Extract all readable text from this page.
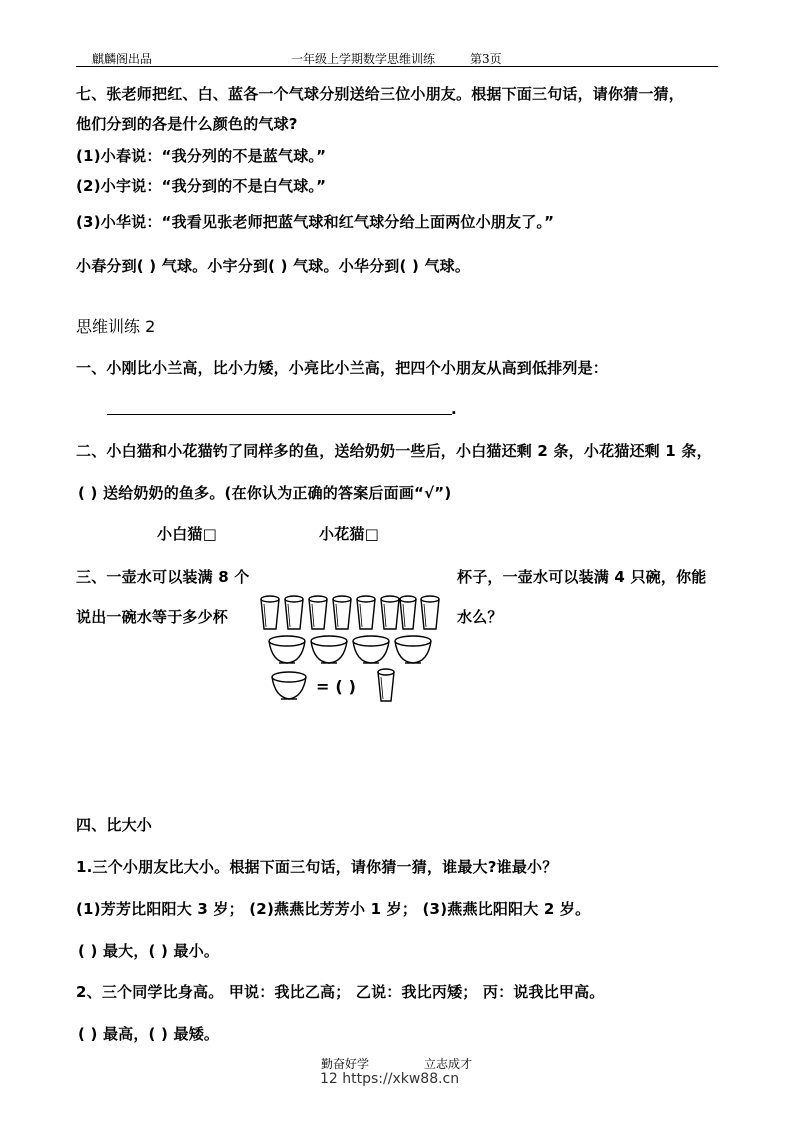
麒麟阁出品	一年级上学期数学思维训练	第3页
七、张老师把红、白、蓝各一个气球分别送给三位小朋友。根据下面三句话，请你猜一猜，
他们分到的各是什么颜色的气球?
(1)小春说：“我分列的不是蓝气球。”
(2)小宇说：“我分到的不是白气球。”
(3)小华说：“我看见张老师把蓝气球和红气球分给上面两位小朋友了。”
小春分到( ) 气球。小宇分到( ) 气球。小华分到( ) 气球。
思维训练 2
一、小刚比小兰高，比小力矮，小亮比小兰高，把四个小朋友从高到低排列是：
.
二、小白猫和小花猫钓了同样多的鱼，送给奶奶一些后，小白猫还剩 2 条，小花猫还剩 1 条，
( ) 送给奶奶的鱼多。(在你认为正确的答案后面画“√”)
小白猫□	小花猫□
三、一壶水可以装满 8 个
说出一碗水等于多少杯
杯子，一壶水可以装满 4 只碗，你能
水么？
= ( )
四、比大小
1.三个小朋友比大小。根据下面三句话，请你猜一猜，谁最大?谁最小？
(1)芳芳比阳阳大 3 岁； (2)燕燕比芳芳小 1 岁； (3)燕燕比阳阳大 2 岁。
( ) 最大，( ) 最小。
2、三个同学比身高。 甲说：我比乙高； 乙说：我比丙矮； 丙：说我比甲高。
( ) 最高，( ) 最矮。
勤奋好学	立志成才
12 https://xkw88.cn
